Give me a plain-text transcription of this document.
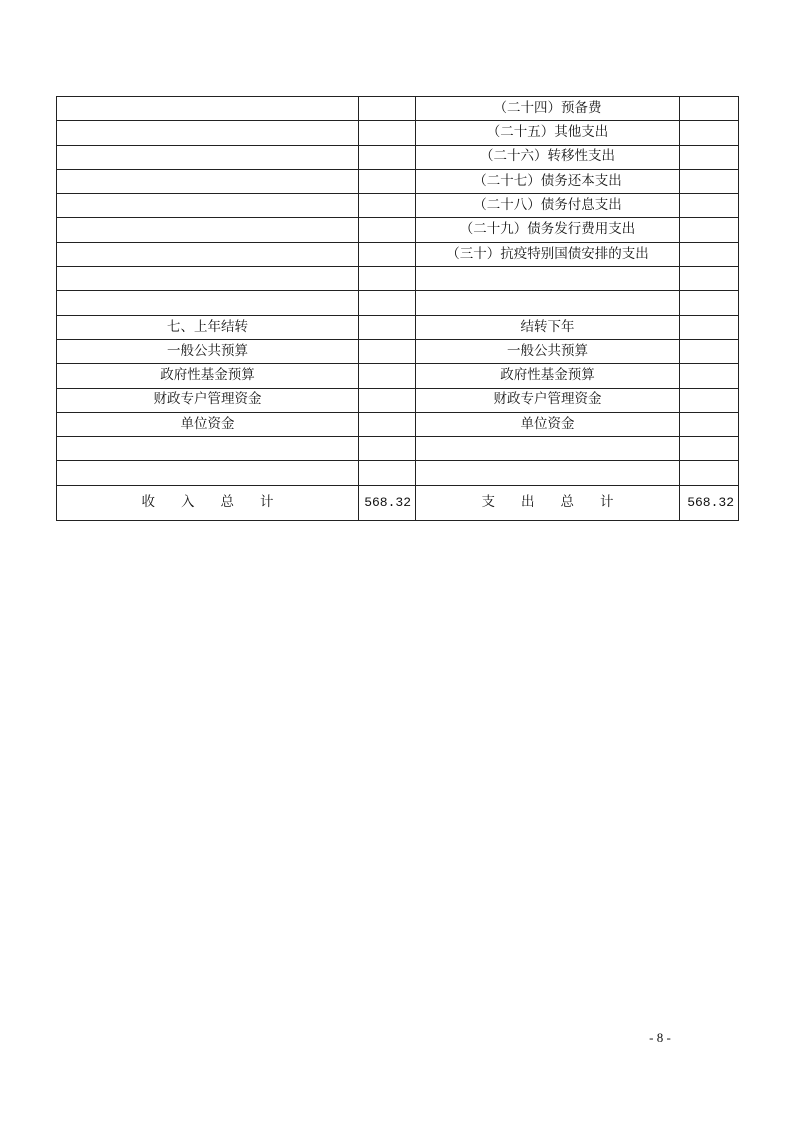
		（二十四）预备费	
		（二十五）其他支出	
		（二十六）转移性支出	
		（二十七）债务还本支出	
		（二十八）债务付息支出	
		（二十九）债务发行费用支出	
		（三十）抗疫特别国债安排的支出	

七、上年结转		结转下年	
一般公共预算		一般公共预算	
政府性基金预算		政府性基金预算	
财政专户管理资金		财政专户管理资金	
单位资金		单位资金	

收入总计	568.32	支出总计	568.32
- 8 -
